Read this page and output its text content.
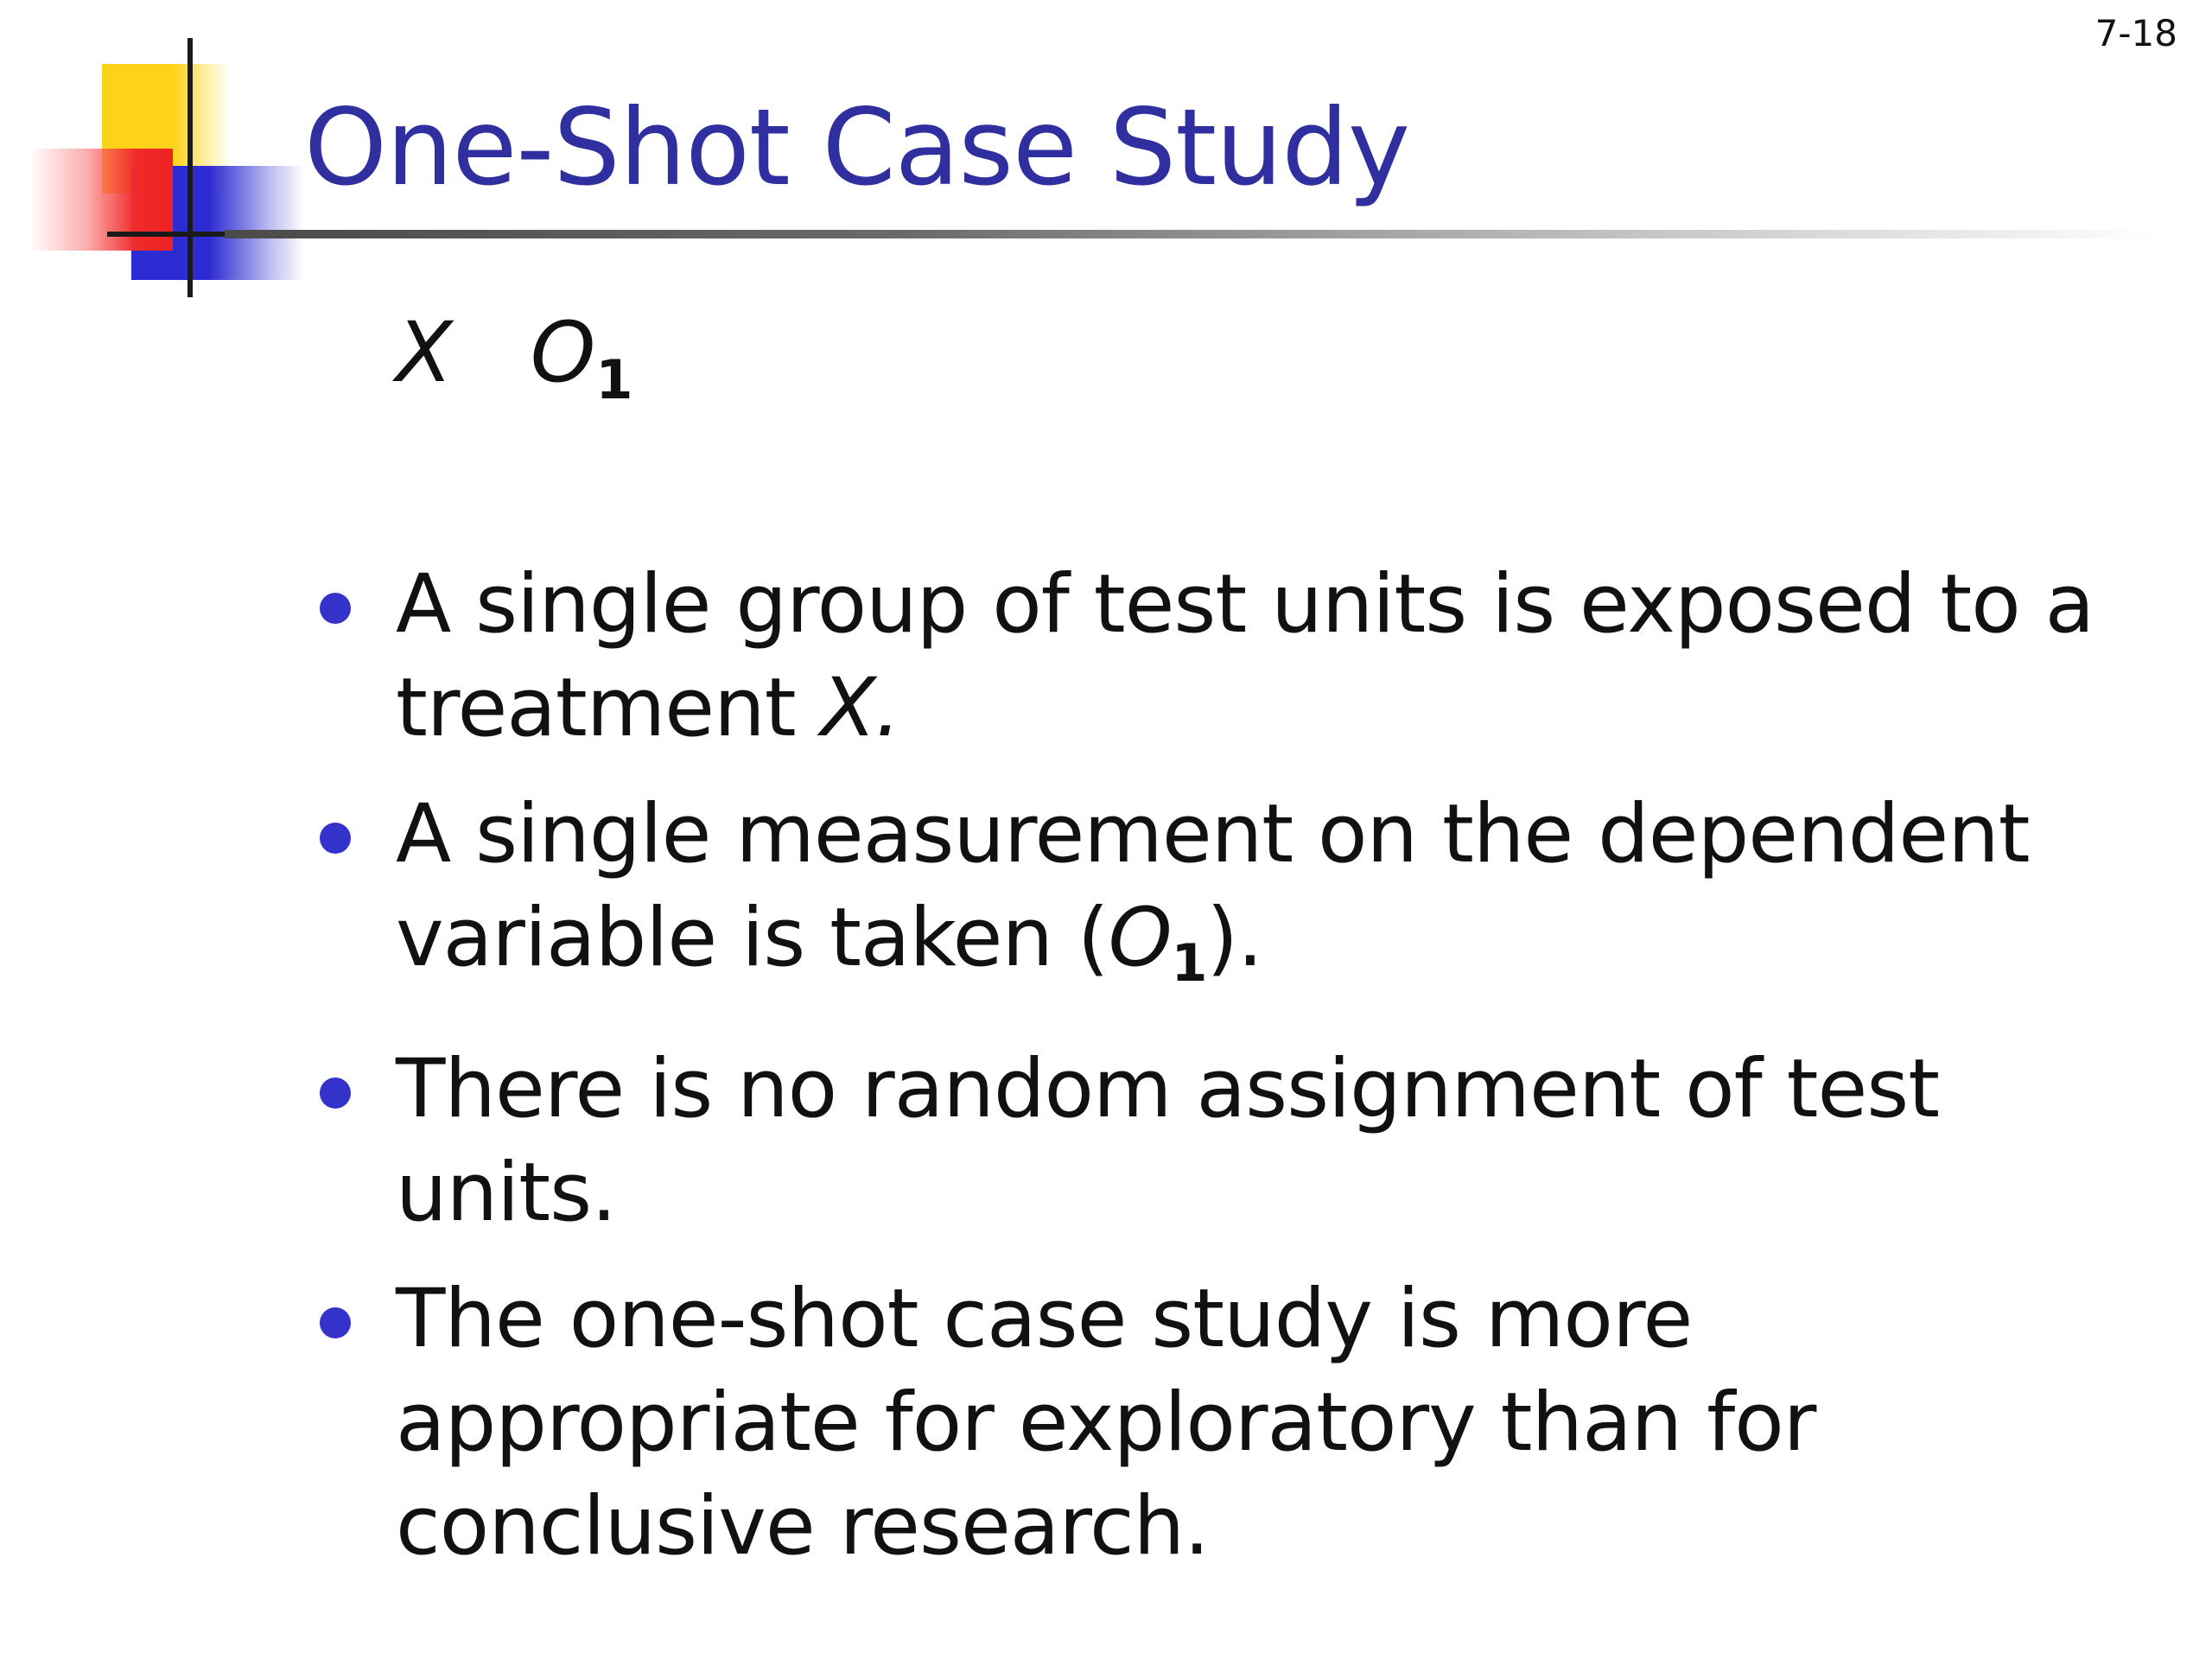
7-18
One-Shot Case Study
X $O_1$
A single group of test units is exposed to a treatment X.
A single measurement on the dependent variable is taken $(O_1)$.
There is no random assignment of test units.
The one-shot case study is more appropriate for exploratory than for conclusive research.
